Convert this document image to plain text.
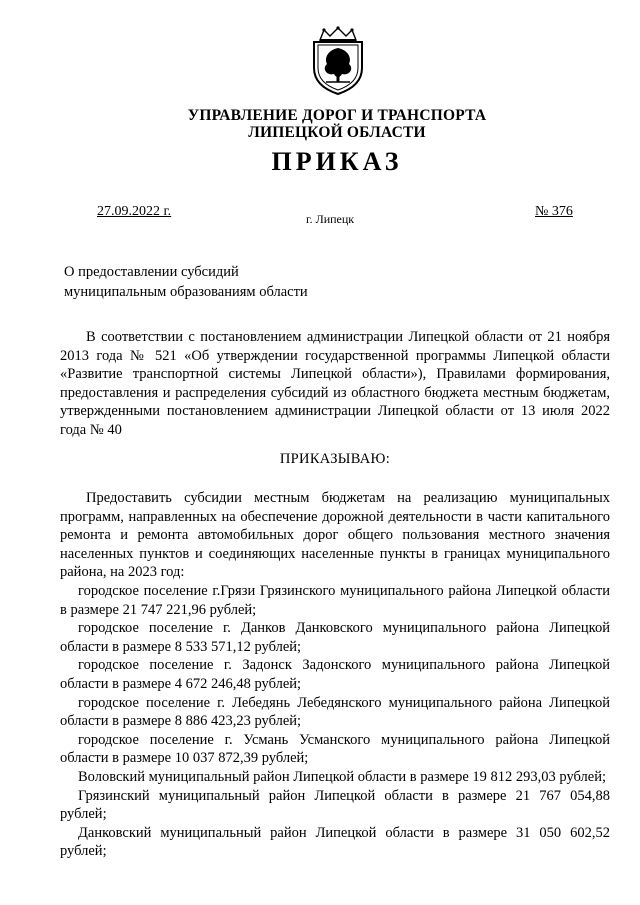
УПРАВЛЕНИЕ ДОРОГ И ТРАНСПОРТА
ЛИПЕЦКОЙ ОБЛАСТИ
ПРИКАЗ
27.09.2022 г.	г. Липецк	№ 376
О предоставлении субсидий
муниципальным образованиям области

В соответствии с постановлением администрации Липецкой области от 21 ноября 2013 года № 521 «Об утверждении государственной программы Липецкой области «Развитие транспортной системы Липецкой области»), Правилами формирования, предоставления и распределения субсидий из областного бюджета местным бюджетам, утвержденными постановлением администрации Липецкой области от 13 июля 2022 года № 40

ПРИКАЗЫВАЮ:

Предоставить субсидии местным бюджетам на реализацию муниципальных программ, направленных на обеспечение дорожной деятельности в части капитального ремонта и ремонта автомобильных дорог общего пользования местного значения населенных пунктов и соединяющих населенные пункты в границах муниципального района, на 2023 год:

городское поселение г.Грязи Грязинского муниципального района Липецкой области в размере 21 747 221,96 рублей;

городское поселение г. Данков Данковского муниципального района Липецкой области в размере 8 533 571,12 рублей;

городское поселение г. Задонск Задонского муниципального района Липецкой области в размере 4 672 246,48 рублей;

городское поселение г. Лебедянь Лебедянского муниципального района Липецкой области в размере 8 886 423,23 рублей;

городское поселение г. Усмань Усманского муниципального района Липецкой области в размере 10 037 872,39 рублей;

Воловский муниципальный район Липецкой области в размере 19 812 293,03 рублей;

Грязинский муниципальный район Липецкой области в размере 21 767 054,88 рублей;

Данковский муниципальный район Липецкой области в размере 31 050 602,52 рублей;
